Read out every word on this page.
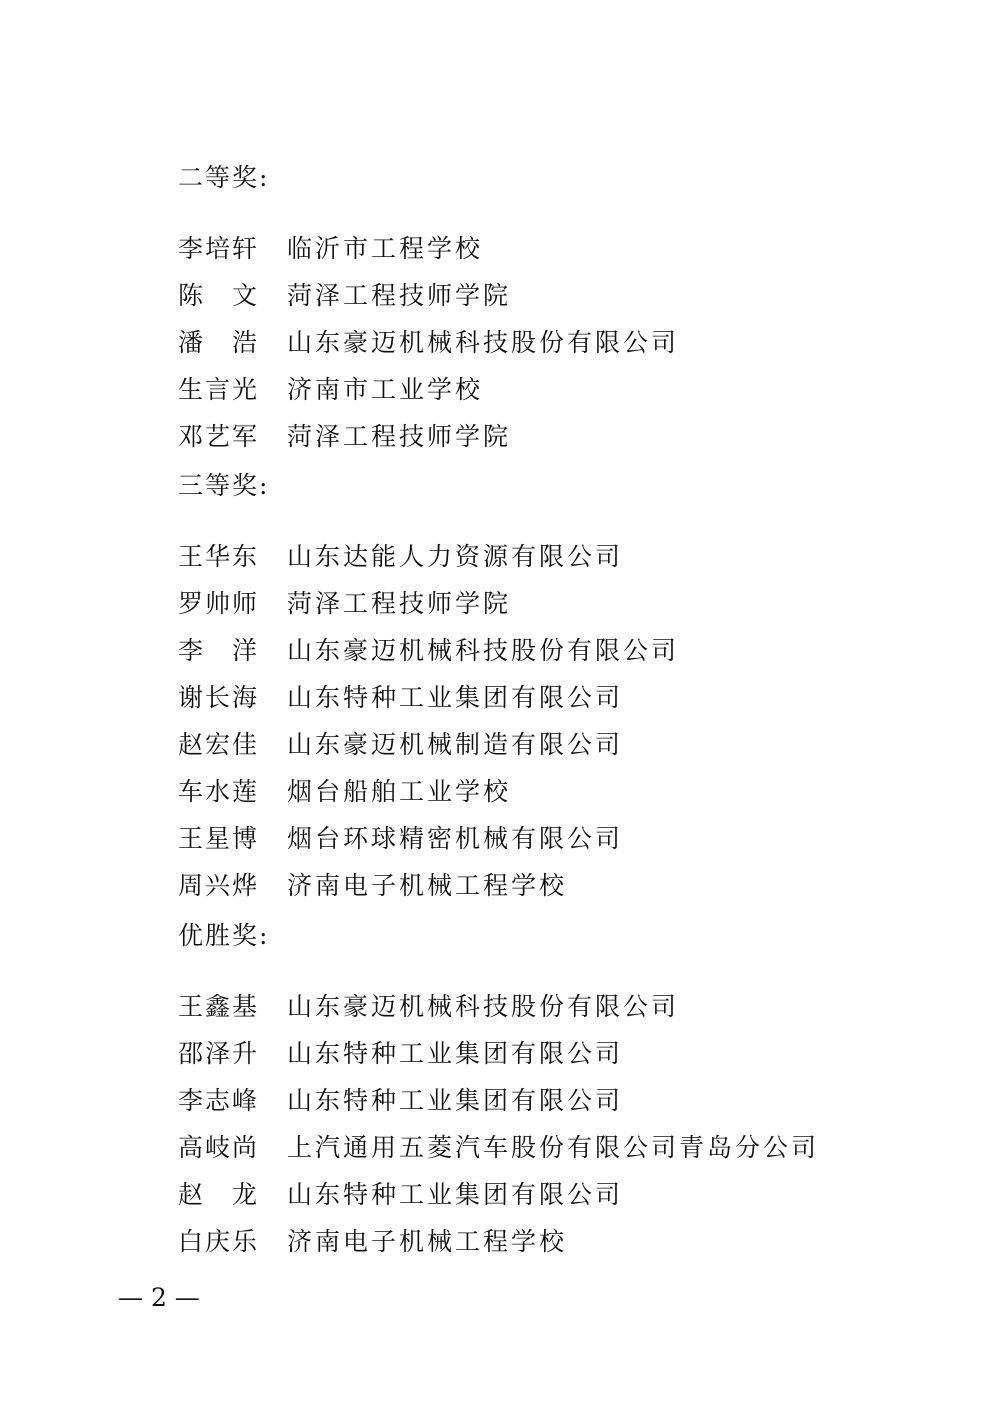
二等奖:
李 培 轩 临沂市工程学校
陈 文 菏泽工程技师学院
潘 浩 山东豪迈机械科技股份有限公司
生 言 光 济南市工业学校
邓 艺 军 菏泽工程技师学院
三等奖:
王 华 东 山东达能人力资源有限公司
罗 帅 师 菏泽工程技师学院
李 洋 山东豪迈机械科技股份有限公司
谢 长 海 山东特种工业集团有限公司
赵 宏 佳 山东豪迈机械制造有限公司
车 水 莲 烟台船舶工业学校
王 星 博 烟台环球精密机械有限公司
周 兴 烨 济南电子机械工程学校
优胜奖:
王 鑫 基 山东豪迈机械科技股份有限公司
邵 泽 升 山东特种工业集团有限公司
李 志 峰 山东特种工业集团有限公司
高 岐 尚 上汽通用五菱汽车股份有限公司青岛分公司
赵 龙 山东特种工业集团有限公司
白 庆 乐 济南电子机械工程学校
— 2 —
